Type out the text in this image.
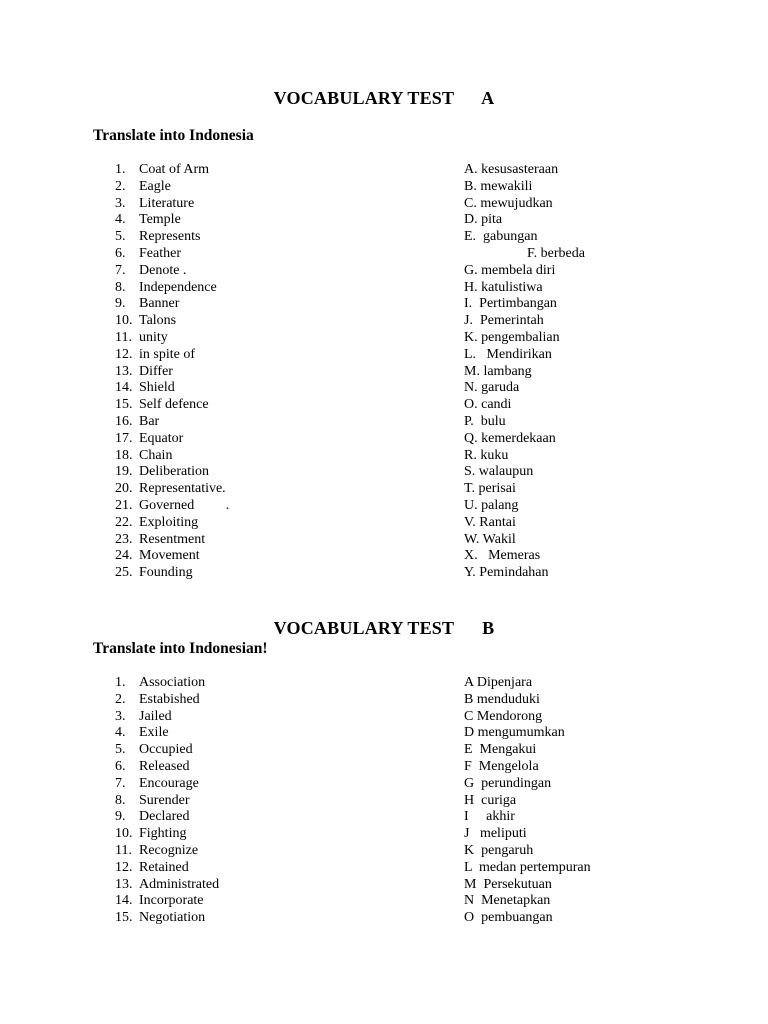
VOCABULARY TEST      A
Translate into Indonesia
1. Coat of Arm	A. kesusasteraan
2. Eagle	B. mewakili
3. Literature	C. mewujudkan
4. Temple	D. pita
5. Represents	E.  gabungan
6. Feather	F. berbeda
7. Denote .	G. membela diri
8. Independence	H. katulistiwa
9. Banner	I.  Pertimbangan
10. Talons	J.  Pemerintah
11. unity	K. pengembalian
12. in spite of	L.   Mendirikan
13. Differ	M. lambang
14. Shield	N. garuda
15. Self defence	O. candi
16. Bar	P.  bulu
17. Equator	Q. kemerdekaan
18. Chain	R. kuku
19. Deliberation	S. walaupun
20. Representative.	T. perisai
21. Governed         .	U. palang
22. Exploiting	V. Rantai
23. Resentment	W. Wakil
24. Movement	X.   Memeras
25. Founding	Y. Pemindahan
VOCABULARY TEST      B
Translate into Indonesian!
1. Association	A Dipenjara
2. Estabished	B menduduki
3. Jailed	C Mendorong
4. Exile	D mengumumkan
5. Occupied	E  Mengakui
6. Released	F  Mengelola
7. Encourage	G  perundingan
8. Surender	H  curiga
9. Declared	I     akhir
10. Fighting	J   meliputi
11. Recognize	K  pengaruh
12. Retained	L  medan pertempuran
13. Administrated	M  Persekutuan
14. Incorporate	N  Menetapkan
15. Negotiation	O  pembuangan
